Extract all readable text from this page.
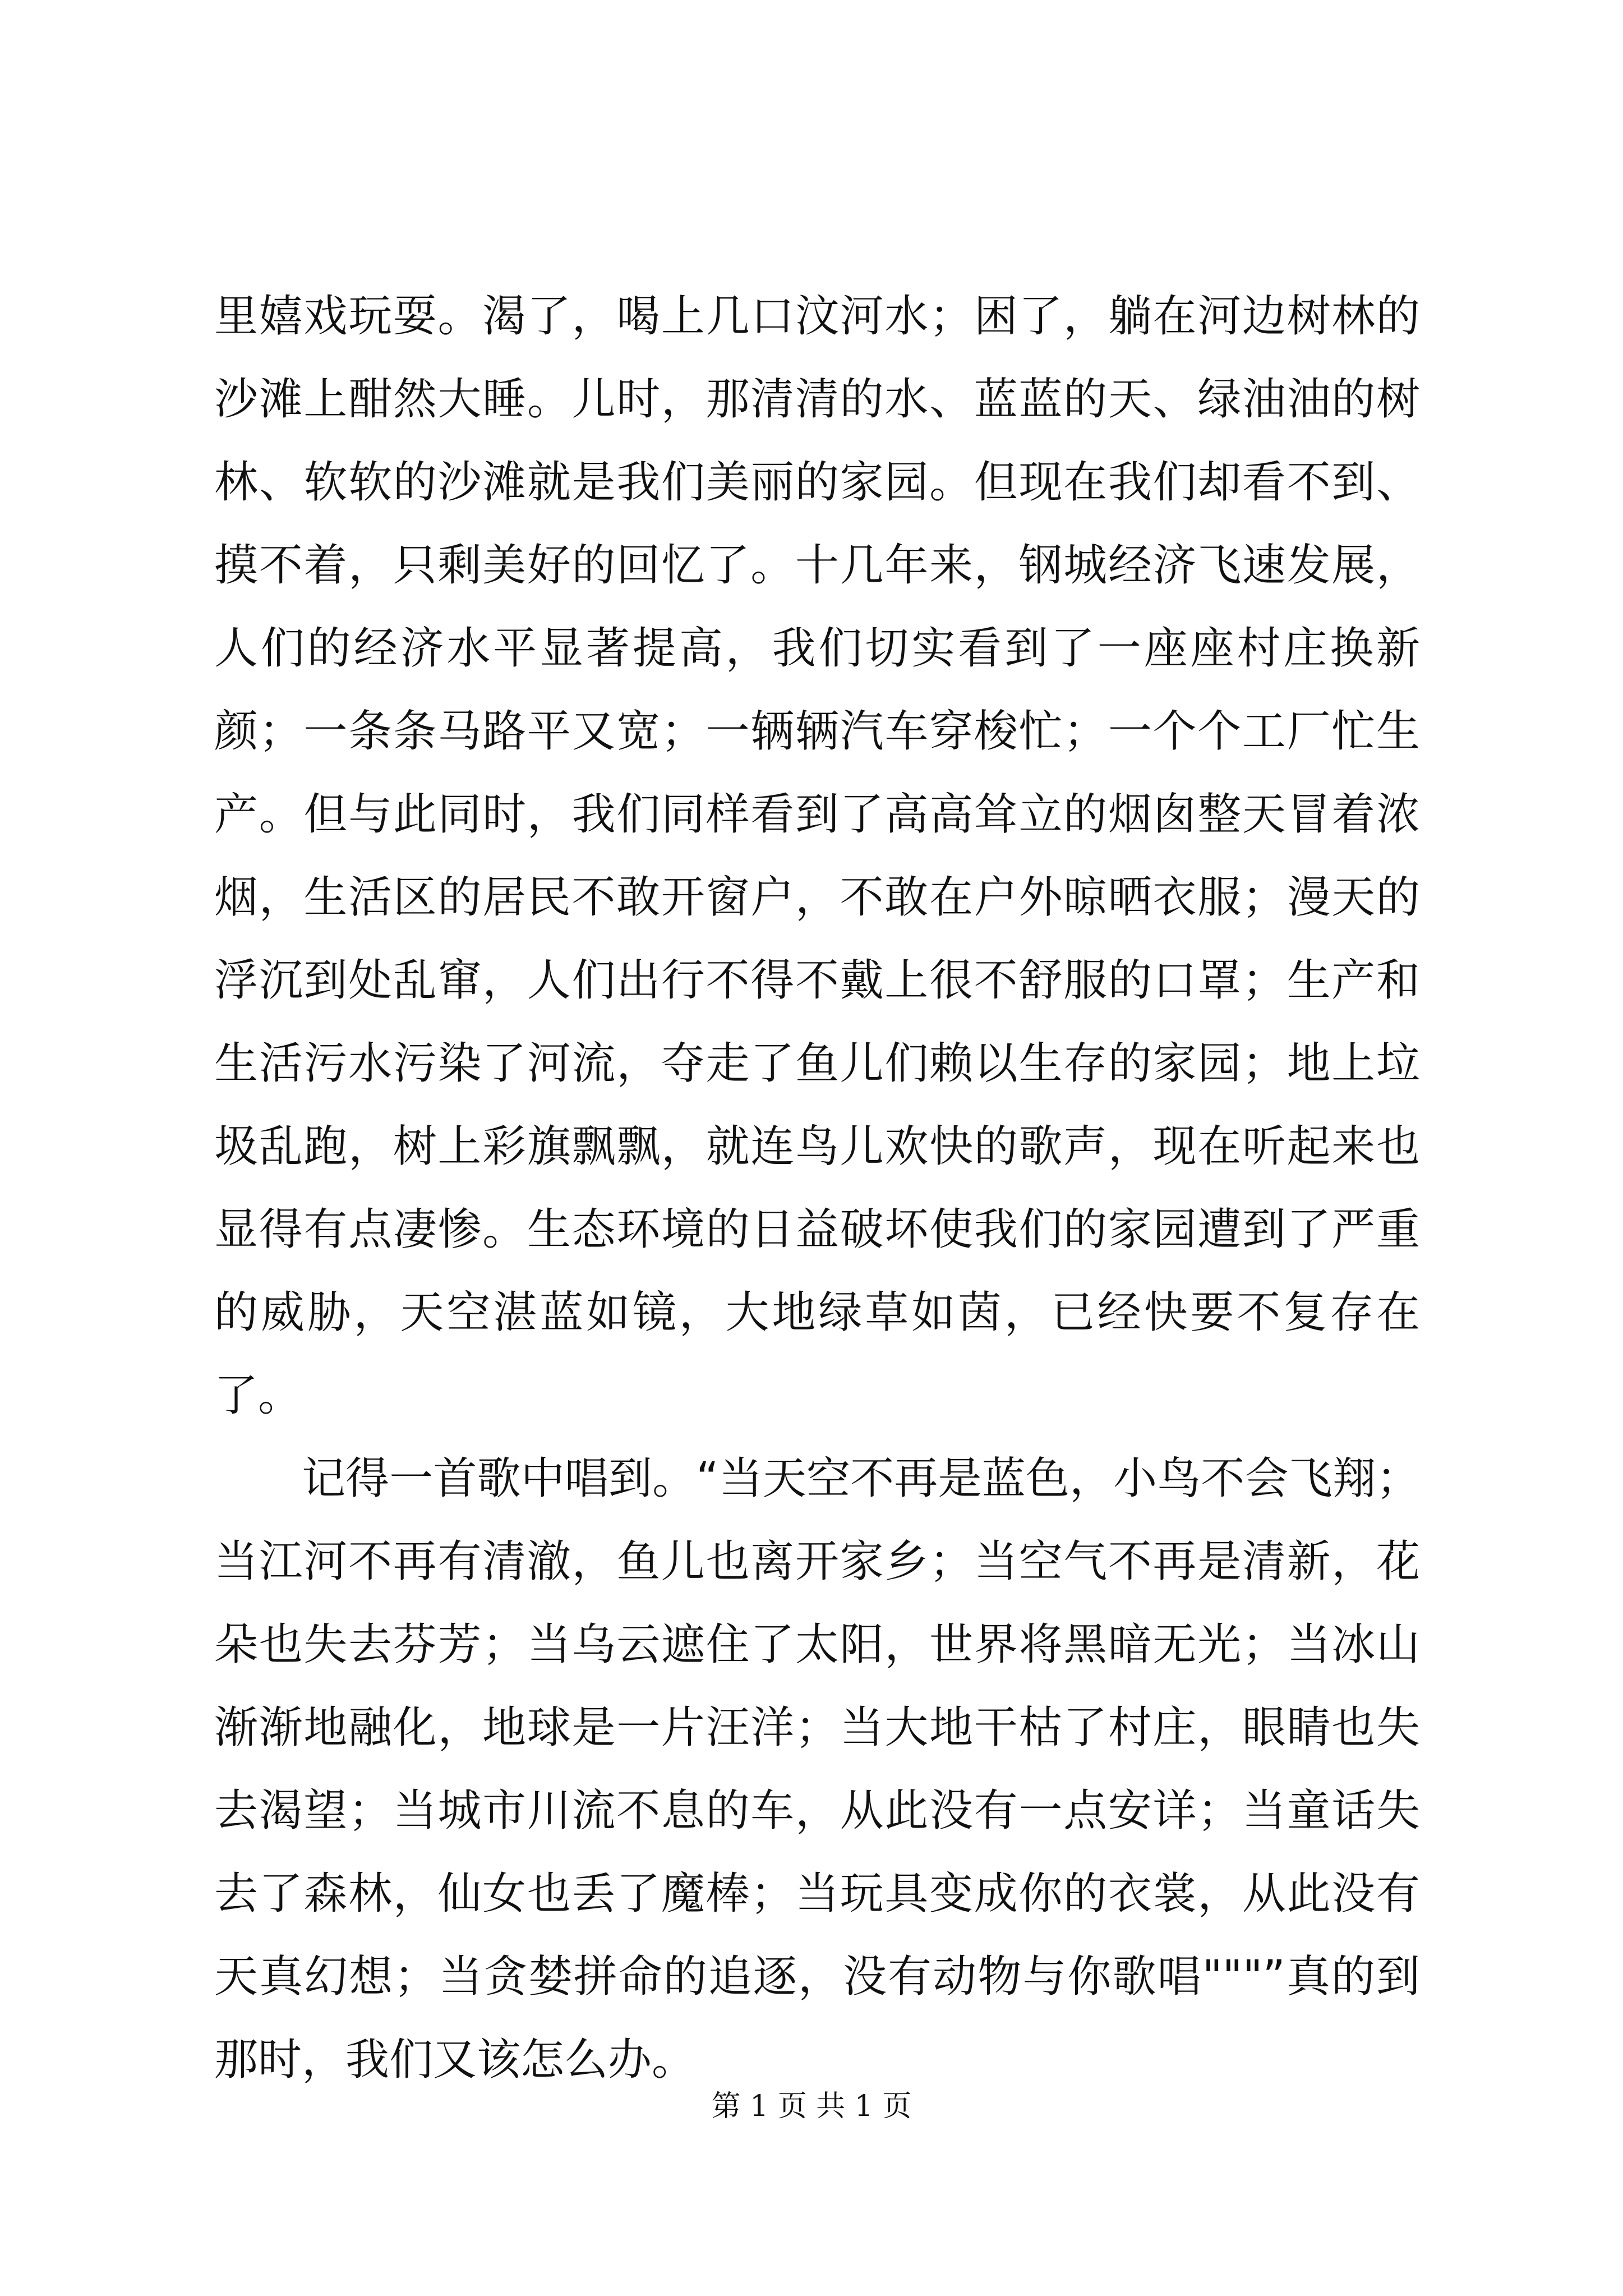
里嬉戏玩耍。渴了，喝上几口汶河水；困了，躺在河边树林的沙滩上酣然大睡。儿时，那清清的水、蓝蓝的天、绿油油的树林、软软的沙滩就是我们美丽的家园。但现在我们却看不到、摸不着，只剩美好的回忆了。十几年来，钢城经济飞速发展，人们的经济水平显著提高，我们切实看到了一座座村庄换新颜；一条条马路平又宽；一辆辆汽车穿梭忙；一个个工厂忙生产。但与此同时，我们同样看到了高高耸立的烟囱整天冒着浓烟，生活区的居民不敢开窗户，不敢在户外晾晒衣服；漫天的浮沉到处乱窜，人们出行不得不戴上很不舒服的口罩；生产和生活污水污染了河流，夺走了鱼儿们赖以生存的家园；地上垃圾乱跑，树上彩旗飘飘，就连鸟儿欢快的歌声，现在听起来也显得有点凄惨。生态环境的日益破坏使我们的家园遭到了严重的威胁，天空湛蓝如镜，大地绿草如茵，已经快要不复存在了。

记得一首歌中唱到。“当天空不再是蓝色，小鸟不会飞翔；当江河不再有清澈，鱼儿也离开家乡；当空气不再是清新，花朵也失去芬芳；当乌云遮住了太阳，世界将黑暗无光；当冰山渐渐地融化，地球是一片汪洋；当大地干枯了村庄，眼睛也失去渴望；当城市川流不息的车，从此没有一点安详；当童话失去了森林，仙女也丢了魔棒；当玩具变成你的衣裳，从此没有天真幻想；当贪婪拼命的追逐，没有动物与你歌唱"""”真的到那时，我们又该怎么办。

第 1 页 共 1 页
